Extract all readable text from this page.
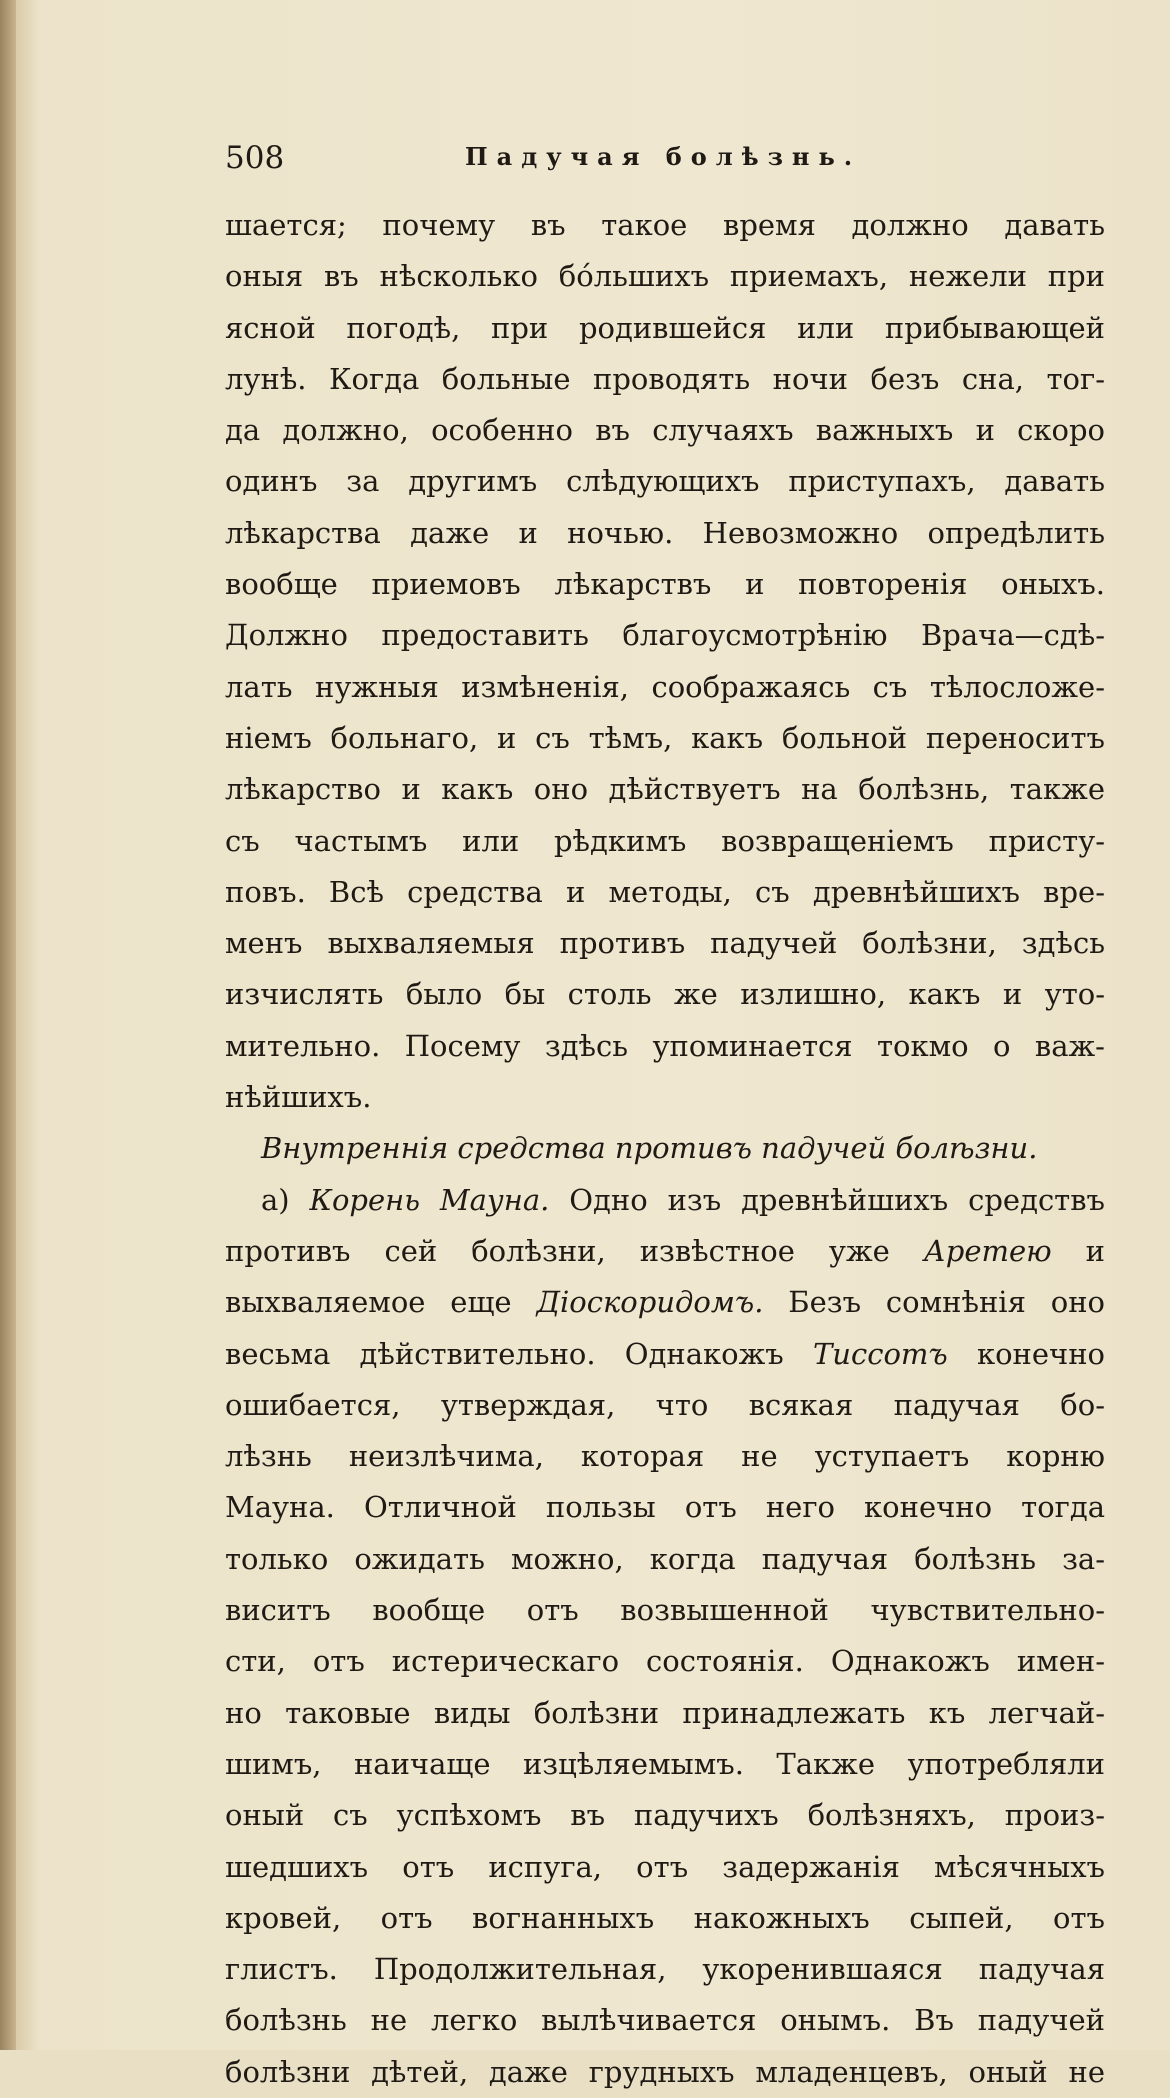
508	Падучая болѣзнь.
шается; почему въ такое время должно давать
оныя въ нѣсколько бо́льшихъ приемахъ, нежели при
ясной погодѣ, при родившейся или прибывающей
лунѣ. Когда больные проводять ночи безъ сна, тог-
да должно, особенно въ случаяхъ важныхъ и скоро
одинъ за другимъ слѣдующихъ приступахъ, давать
лѣкарства даже и ночью. Невозможно опредѣлить
вообще приемовъ лѣкарствъ и повторенія оныхъ.
Должно предоставить благоусмотрѣнію Врача—сдѣ-
лать нужныя измѣненія, соображаясь съ тѣлосложе-
ніемъ больнаго, и съ тѣмъ, какъ больной переноситъ
лѣкарство и какъ оно дѣйствуетъ на болѣзнь, также
съ частымъ или рѣдкимъ возвращеніемъ присту-
повъ. Всѣ средства и методы, съ древнѣйшихъ вре-
менъ выхваляемыя противъ падучей болѣзни, здѣсь
изчислять было бы столь же излишно, какъ и уто-
мительно. Посему здѣсь упоминается токмо о важ-
нѣйшихъ.
Внутреннія средства противъ падучей болѣзни.
а) Корень Мауна. Одно изъ древнѣйшихъ средствъ
противъ сей болѣзни, извѣстное уже Аретею и
выхваляемое еще Діоскоридомъ. Безъ сомнѣнія оно
весьма дѣйствительно. Однакожъ Тиссотъ конечно
ошибается, утверждая, что всякая падучая бо-
лѣзнь неизлѣчима, которая не уступаетъ корню
Мауна. Отличной пользы отъ него конечно тогда
только ожидать можно, когда падучая болѣзнь за-
виситъ вообще отъ возвышенной чувствительно-
сти, отъ истерическаго состоянія. Однакожъ имен-
но таковые виды болѣзни принадлежать къ легчай-
шимъ, наичаще изцѣляемымъ. Также употребляли
оный съ успѣхомъ въ падучихъ болѣзняхъ, произ-
шедшихъ отъ испуга, отъ задержанія мѣсячныхъ
кровей, отъ вогнанныхъ накожныхъ сыпей, отъ
глистъ. Продолжительная, укоренившаяся падучая
болѣзнь не легко вылѣчивается онымъ. Въ падучей
болѣзни дѣтей, даже грудныхъ младенцевъ, оный не
